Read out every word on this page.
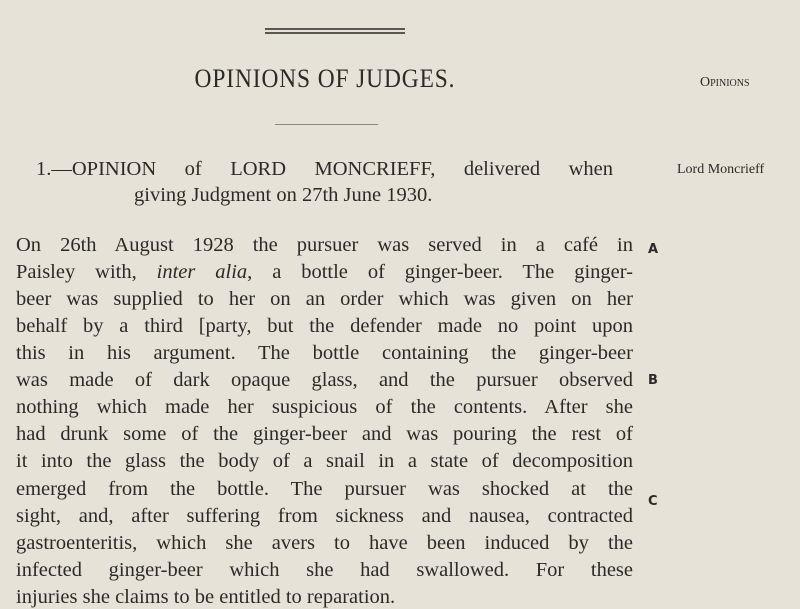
OPINIONS OF JUDGES.	Opinions
1.—OPINION of LORD MONCRIEFF, delivered when
giving Judgment on 27th June 1930.
Lord Moncrieff
On 26th August 1928 the pursuer was served in a café in
Paisley with, inter alia, a bottle of ginger-beer. The ginger-
beer was supplied to her on an order which was given on her
behalf by a third [party, but the defender made no point upon
this in his argument. The bottle containing the ginger-beer
was made of dark opaque glass, and the pursuer observed
nothing which made her suspicious of the contents. After she
had drunk some of the ginger-beer and was pouring the rest of
it into the glass the body of a snail in a state of decomposition
emerged from the bottle. The pursuer was shocked at the
sight, and, after suffering from sickness and nausea, contracted
gastroenteritis, which she avers to have been induced by the
infected ginger-beer which she had swallowed. For these
injuries she claims to be entitled to reparation.
A
B
C
